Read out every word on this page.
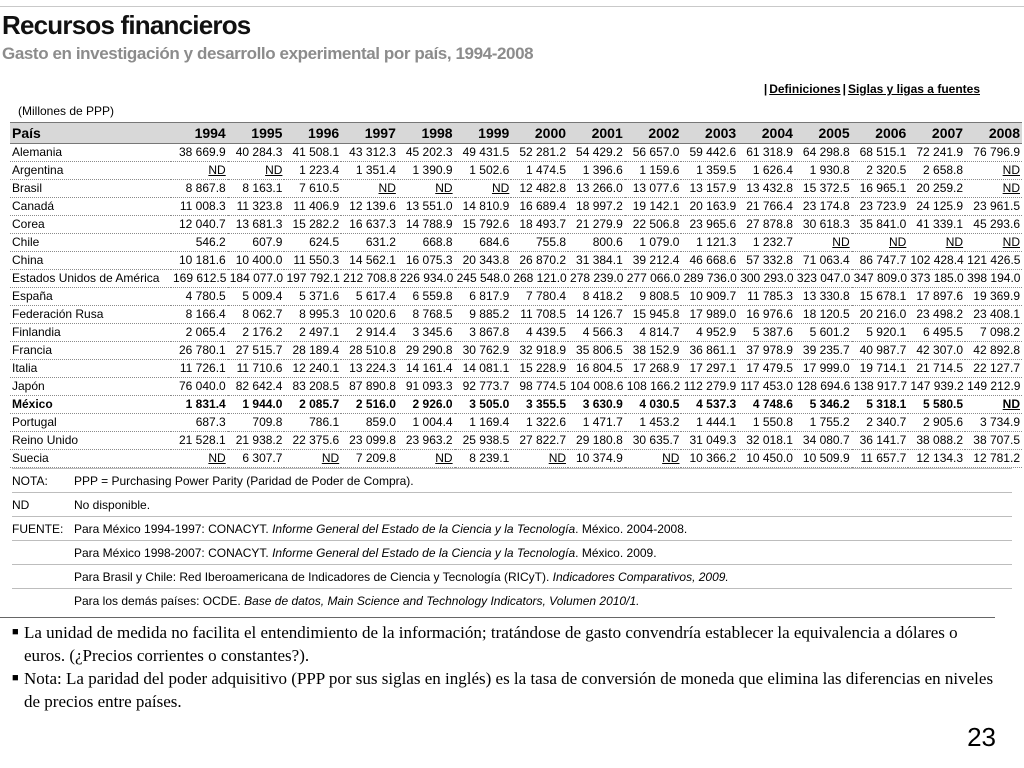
Recursos financieros
Gasto en investigación y desarrollo experimental por país, 1994-2008
| Definiciones | Siglas y ligas a fuentes
(Millones de PPP)
País	1994	1995	1996	1997	1998	1999	2000	2001	2002	2003	2004	2005	2006	2007	2008
Alemania	38 669.9	40 284.3	41 508.1	43 312.3	45 202.3	49 431.5	52 281.2	54 429.2	56 657.0	59 442.6	61 318.9	64 298.8	68 515.1	72 241.9	76 796.9
Argentina	ND	ND	1 223.4	1 351.4	1 390.9	1 502.6	1 474.5	1 396.6	1 159.6	1 359.5	1 626.4	1 930.8	2 320.5	2 658.8	ND
Brasil	8 867.8	8 163.1	7 610.5	ND	ND	ND	12 482.8	13 266.0	13 077.6	13 157.9	13 432.8	15 372.5	16 965.1	20 259.2	ND
Canadá	11 008.3	11 323.8	11 406.9	12 139.6	13 551.0	14 810.9	16 689.4	18 997.2	19 142.1	20 163.9	21 766.4	23 174.8	23 723.9	24 125.9	23 961.5
Corea	12 040.7	13 681.3	15 282.2	16 637.3	14 788.9	15 792.6	18 493.7	21 279.9	22 506.8	23 965.6	27 878.8	30 618.3	35 841.0	41 339.1	45 293.6
Chile	546.2	607.9	624.5	631.2	668.8	684.6	755.8	800.6	1 079.0	1 121.3	1 232.7	ND	ND	ND	ND
China	10 181.6	10 400.0	11 550.3	14 562.1	16 075.3	20 343.8	26 870.2	31 384.1	39 212.4	46 668.6	57 332.8	71 063.4	86 747.7	102 428.4	121 426.5
Estados Unidos de América	169 612.5	184 077.0	197 792.1	212 708.8	226 934.0	245 548.0	268 121.0	278 239.0	277 066.0	289 736.0	300 293.0	323 047.0	347 809.0	373 185.0	398 194.0
España	4 780.5	5 009.4	5 371.6	5 617.4	6 559.8	6 817.9	7 780.4	8 418.2	9 808.5	10 909.7	11 785.3	13 330.8	15 678.1	17 897.6	19 369.9
Federación Rusa	8 166.4	8 062.7	8 995.3	10 020.6	8 768.5	9 885.2	11 708.5	14 126.7	15 945.8	17 989.0	16 976.6	18 120.5	20 216.0	23 498.2	23 408.1
Finlandia	2 065.4	2 176.2	2 497.1	2 914.4	3 345.6	3 867.8	4 439.5	4 566.3	4 814.7	4 952.9	5 387.6	5 601.2	5 920.1	6 495.5	7 098.2
Francia	26 780.1	27 515.7	28 189.4	28 510.8	29 290.8	30 762.9	32 918.9	35 806.5	38 152.9	36 861.1	37 978.9	39 235.7	40 987.7	42 307.0	42 892.8
Italia	11 726.1	11 710.6	12 240.1	13 224.3	14 161.4	14 081.1	15 228.9	16 804.5	17 268.9	17 297.1	17 479.5	17 999.0	19 714.1	21 714.5	22 127.7
Japón	76 040.0	82 642.4	83 208.5	87 890.8	91 093.3	92 773.7	98 774.5	104 008.6	108 166.2	112 279.9	117 453.0	128 694.6	138 917.7	147 939.2	149 212.9
México	1 831.4	1 944.0	2 085.7	2 516.0	2 926.0	3 505.0	3 355.5	3 630.9	4 030.5	4 537.3	4 748.6	5 346.2	5 318.1	5 580.5	ND
Portugal	687.3	709.8	786.1	859.0	1 004.4	1 169.4	1 322.6	1 471.7	1 453.2	1 444.1	1 550.8	1 755.2	2 340.7	2 905.6	3 734.9
Reino Unido	21 528.1	21 938.2	22 375.6	23 099.8	23 963.2	25 938.5	27 822.7	29 180.8	30 635.7	31 049.3	32 018.1	34 080.7	36 141.7	38 088.2	38 707.5
Suecia	ND	6 307.7	ND	7 209.8	ND	8 239.1	ND	10 374.9	ND	10 366.2	10 450.0	10 509.9	11 657.7	12 134.3	12 781.2
NOTA: PPP = Purchasing Power Parity (Paridad de Poder de Compra).
ND	No disponible.
FUENTE: Para México 1994-1997: CONACYT. Informe General del Estado de la Ciencia y la Tecnología. México. 2004-2008.
Para México 1998-2007: CONACYT. Informe General del Estado de la Ciencia y la Tecnología. México. 2009.
Para Brasil y Chile: Red Iberoamericana de Indicadores de Ciencia y Tecnología (RICyT). Indicadores Comparativos, 2009.
Para los demás países: OCDE. Base de datos, Main Science and Technology Indicators, Volumen 2010/1.
■ La unidad de medida no facilita el entendimiento de la información; tratándose de gasto convendría establecer la equivalencia a dólares o euros. (¿Precios corrientes o constantes?).
■ Nota: La paridad del poder adquisitivo (PPP por sus siglas en inglés) es la tasa de conversión de moneda que elimina las diferencias en niveles de precios entre países.
23
